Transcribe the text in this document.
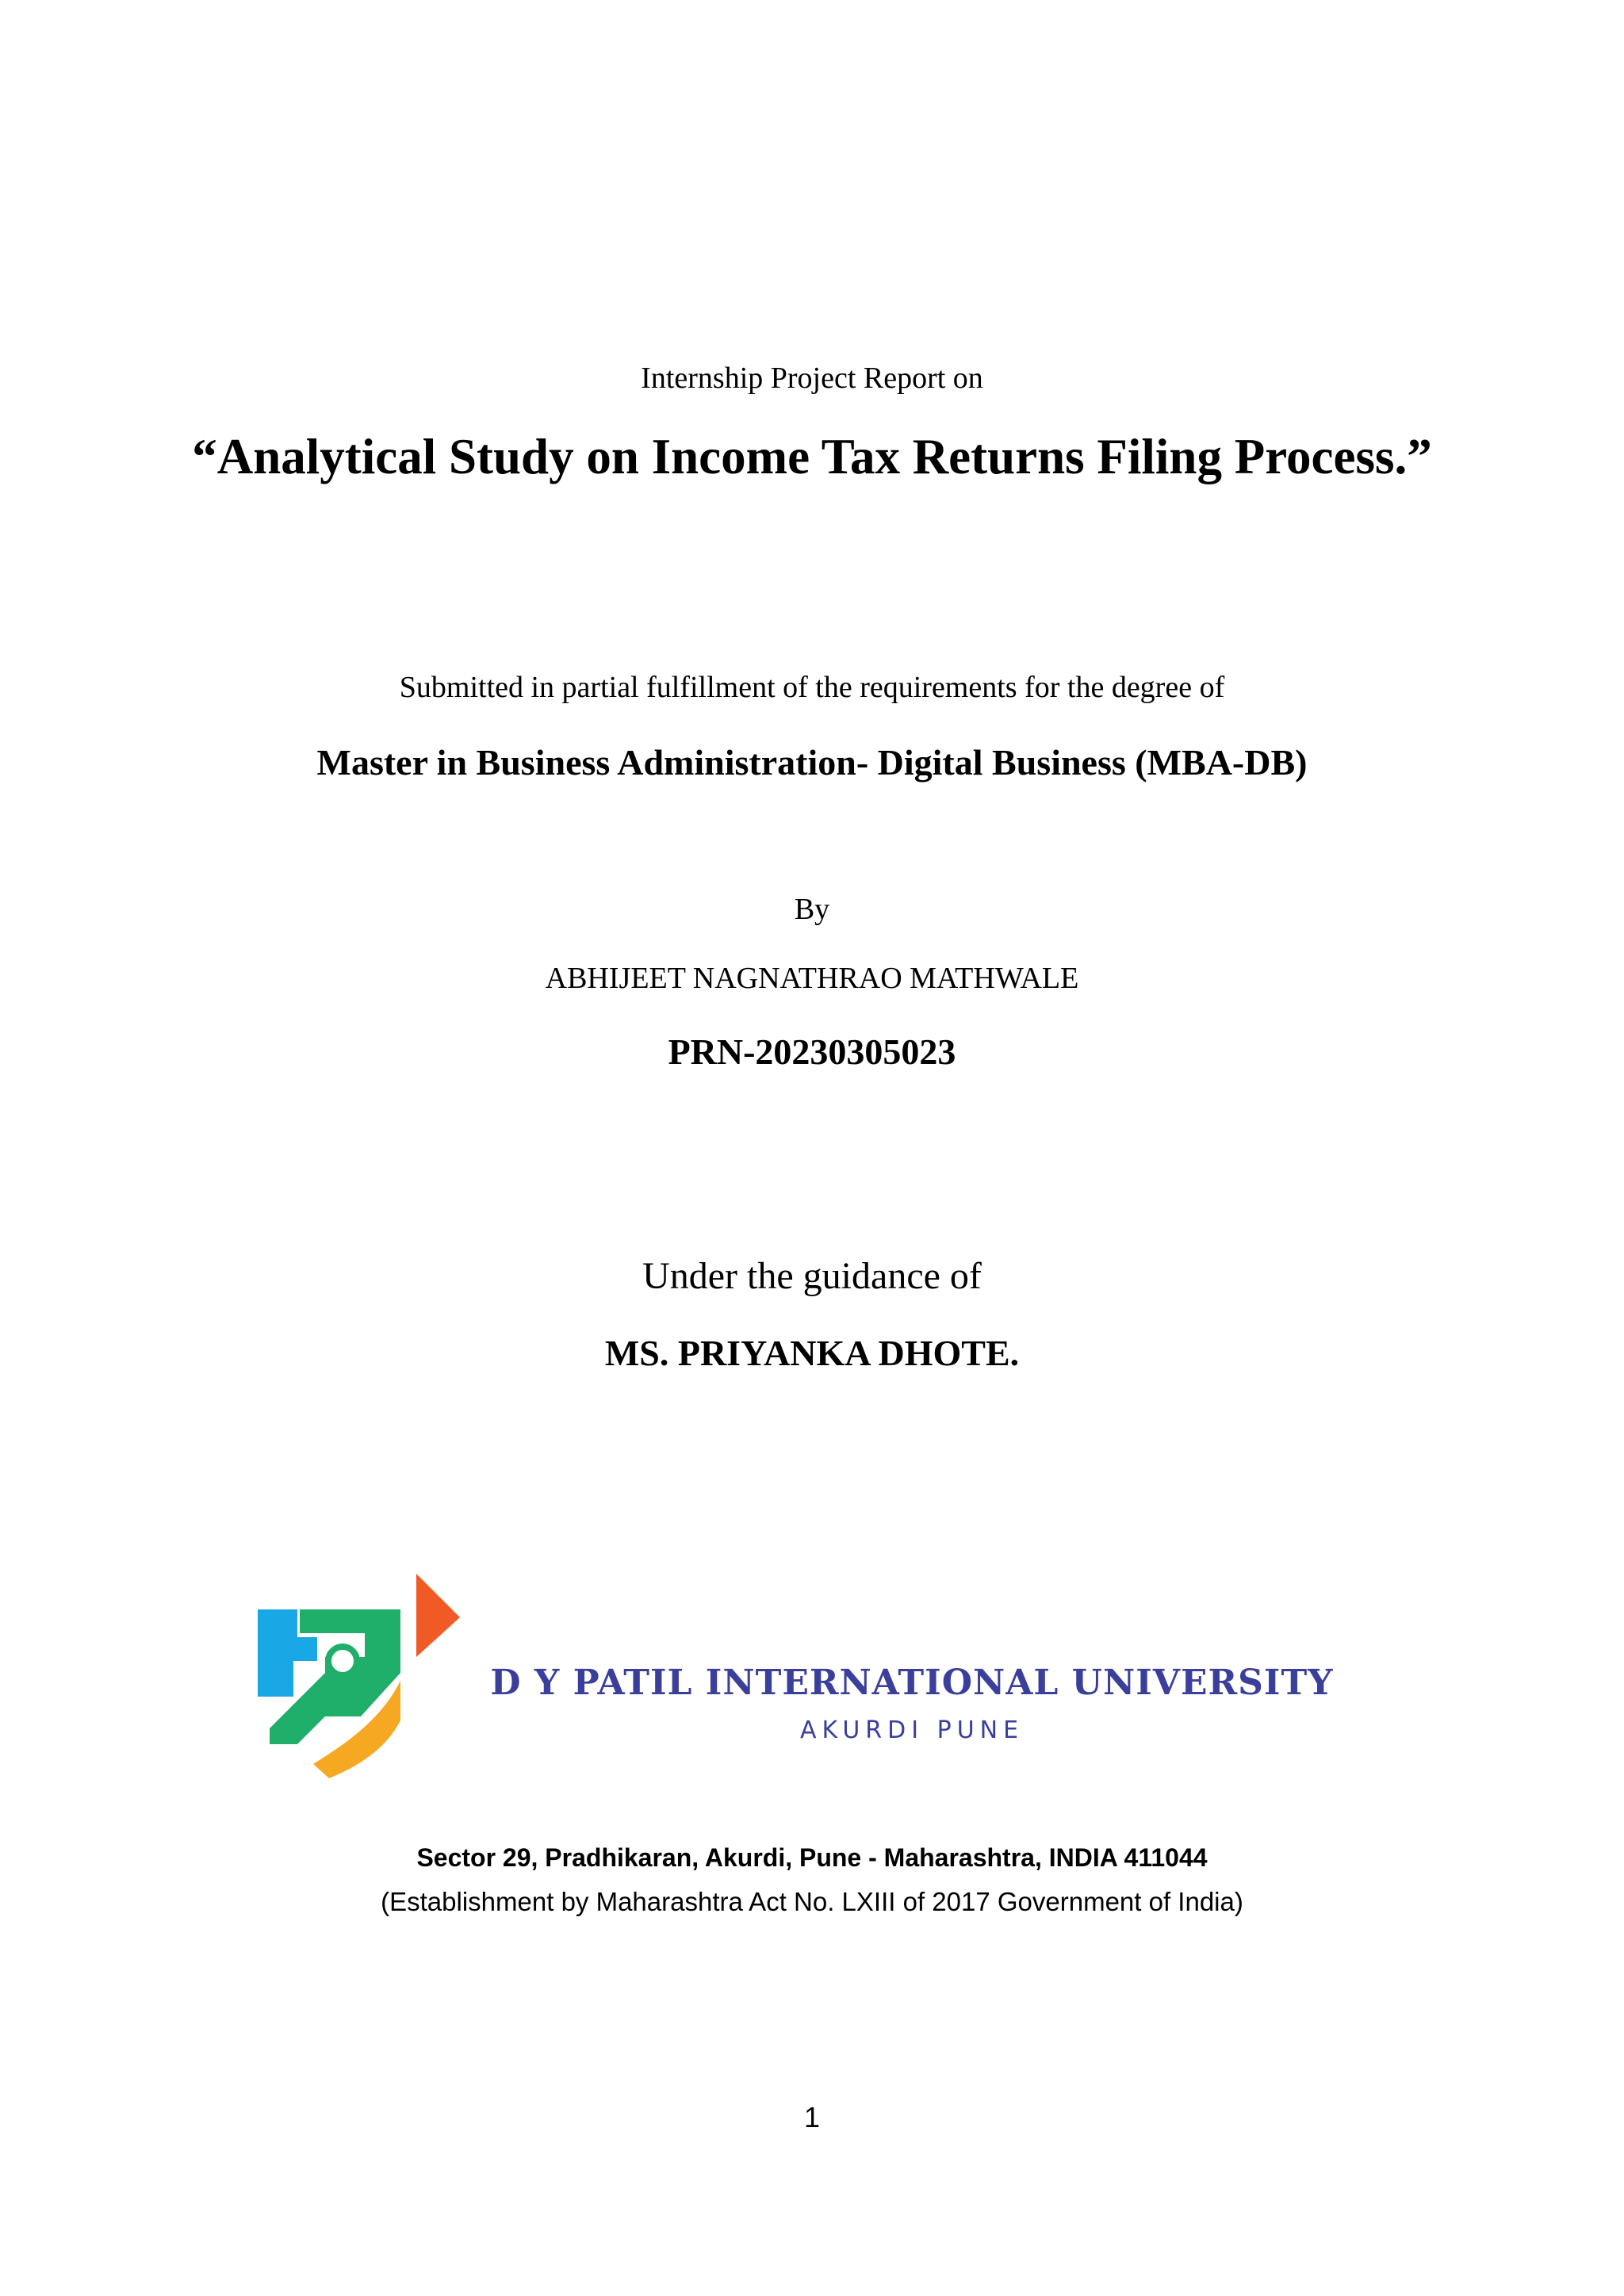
Internship Project Report on
“Analytical Study on Income Tax Returns Filing Process.”
Submitted in partial fulfillment of the requirements for the degree of
Master in Business Administration- Digital Business (MBA-DB)
By
ABHIJEET NAGNATHRAO MATHWALE
PRN-20230305023
Under the guidance of
MS. PRIYANKA DHOTE.
D Y PATIL INTERNATIONAL UNIVERSITY
AKURDI PUNE
Sector 29, Pradhikaran, Akurdi, Pune - Maharashtra, INDIA 411044
(Establishment by Maharashtra Act No. LXIII of 2017 Government of India)
1
